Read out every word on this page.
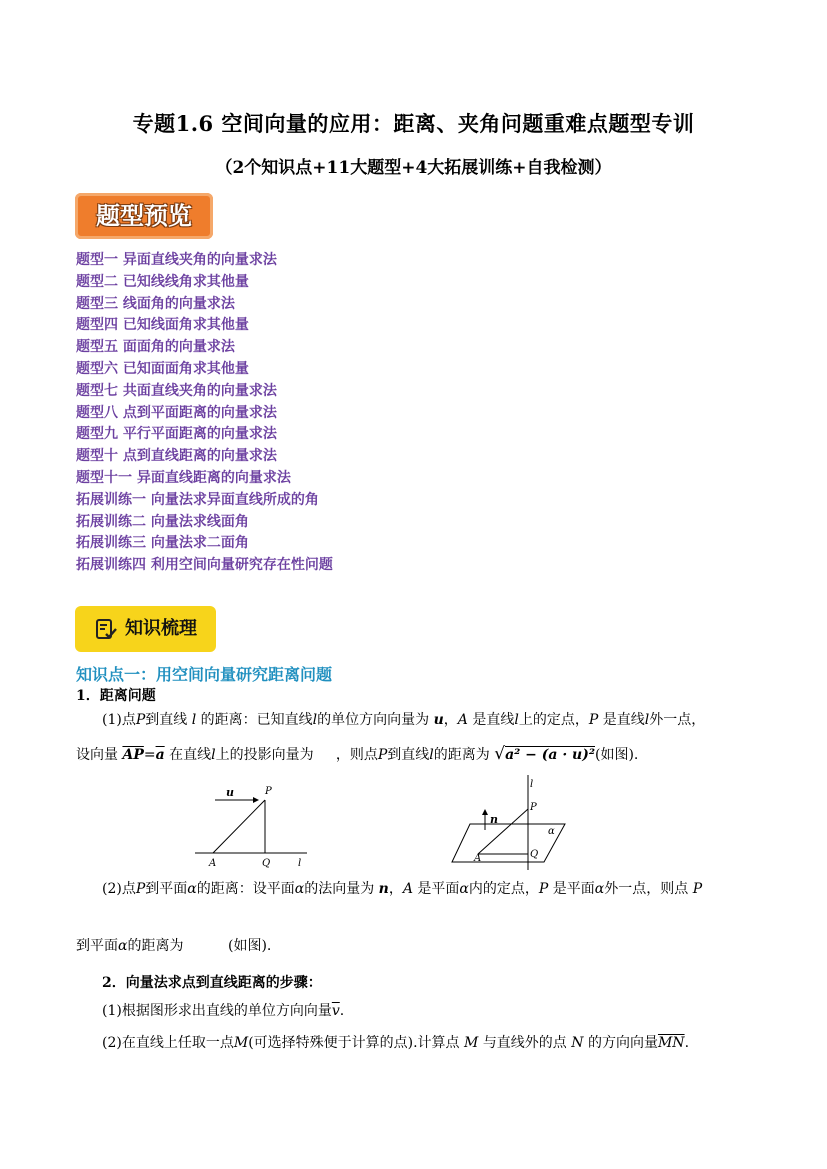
专题1.6 空间向量的应用：距离、夹角问题重难点题型专训
（2个知识点+11大题型+4大拓展训练+自我检测）
题型预览
题型一 异面直线夹角的向量求法
题型二 已知线线角求其他量
题型三 线面角的向量求法
题型四 已知线面角求其他量
题型五 面面角的向量求法
题型六 已知面面角求其他量
题型七 共面直线夹角的向量求法
题型八 点到平面距离的向量求法
题型九 平行平面距离的向量求法
题型十 点到直线距离的向量求法
题型十一 异面直线距离的向量求法
拓展训练一 向量法求异面直线所成的角
拓展训练二 向量法求线面角
拓展训练三 向量法求二面角
拓展训练四 利用空间向量研究存在性问题
知识梳理
知识点一：用空间向量研究距离问题
1．距离问题
(1)点P到直线 l 的距离：已知直线l的单位方向向量为 u，A 是直线l上的定点，P 是直线l外一点，
设向量 $\overline{AP}=\overline{a}$ 在直线l上的投影向量为 ，则点P到直线l的距离为 √a² − (a · u)²(如图).
u	P
A	Q	l
l
P
n
α
A	Q
(2)点P到平面α的距离：设平面α的法向量为 n，A 是平面α内的定点，P 是平面α外一点，则点 P
到平面α的距离为	(如图).
2．向量法求点到直线距离的步骤：
(1)根据图形求出直线的单位方向向量$\overline{v}$.
(2)在直线上任取一点M(可选择特殊便于计算的点).计算点 M 与直线外的点 N 的方向向量$\overline{MN}$.
